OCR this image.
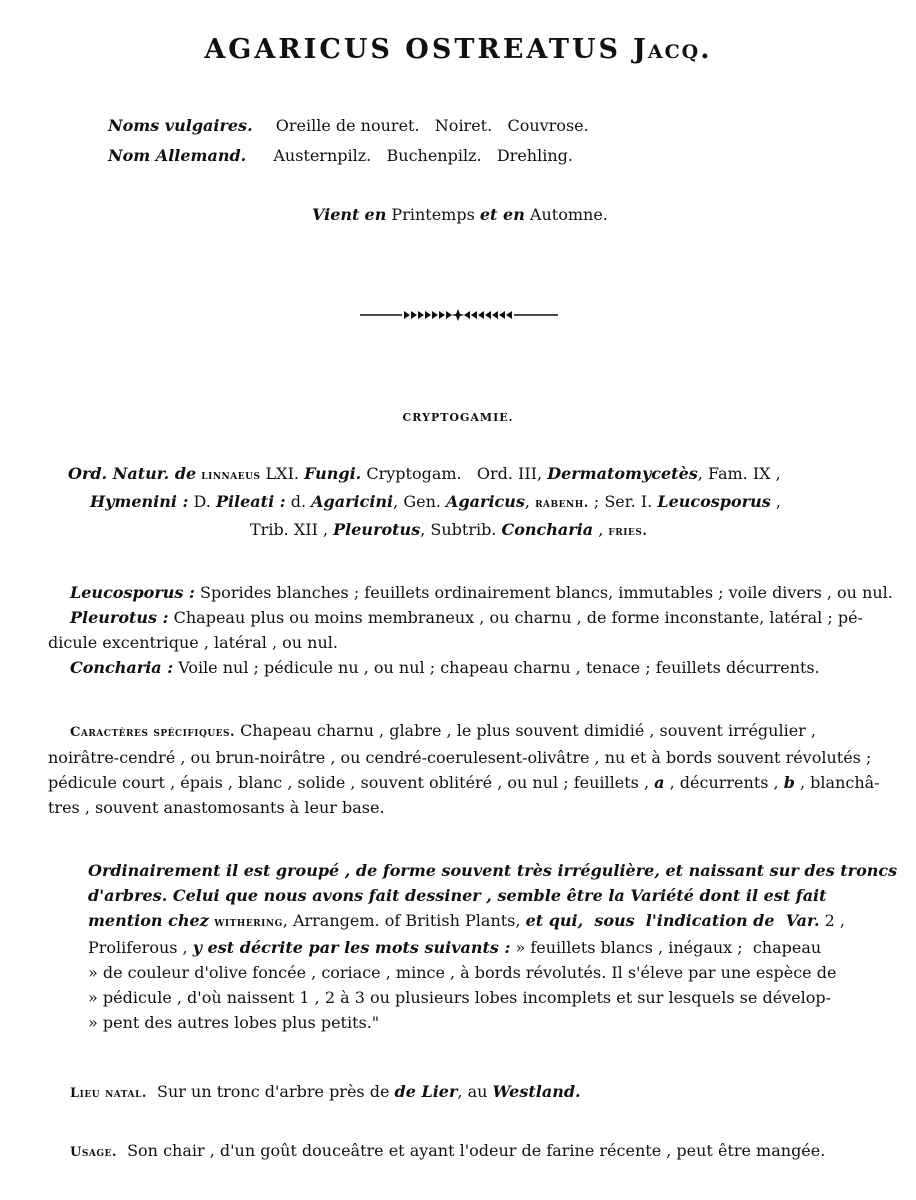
AGARICUS OSTREATUS Jacq.
Noms vulgaires. Oreille de nouret.   Noiret.   Couvrose.
Nom Allemand. Austernpilz.   Buchenpilz.   Drehling.
Vient en Printemps et en Automne.
CRYPTOGAMIE.
Ord. Natur. de linnaeus LXI. Fungi. Cryptogam.   Ord. III, Dermatomycetès, Fam. IX ,
Hymenini : D. Pileati : d. Agaricini, Gen. Agaricus, rabenh. ; Ser. I. Leucosporus ,
Trib. XII , Pleurotus, Subtrib. Concharia , fries.

Leucosporus : Sporides blanches ; feuillets ordinairement blancs, immutables ; voile divers , ou nul.

Pleurotus : Chapeau plus ou moins membraneux , ou charnu , de forme inconstante, latéral ; pé-

dicule excentrique , latéral , ou nul.

Concharia : Voile nul ; pédicule nu , ou nul ; chapeau charnu , tenace ; feuillets décurrents.

Caractères spécifiques. Chapeau charnu , glabre , le plus souvent dimidié , souvent irrégulier ,

noirâtre-cendré , ou brun-noirâtre , ou cendré-coerulesent-olivâtre , nu et à bords souvent révolutés ;

pédicule court , épais , blanc , solide , souvent oblitéré , ou nul ; feuillets , a , décurrents , b , blanchâ-

tres , souvent anastomosants à leur base.

Ordinairement il est groupé , de forme souvent très irrégulière, et naissant sur des troncs

d'arbres. Celui que nous avons fait dessiner , semble être la Variété dont il est fait

mention chez withering, Arrangem. of British Plants, et qui,  sous  l'indication de  Var. 2 ,

Proliferous , y est décrite par les mots suivants : » feuillets blancs , inégaux ;  chapeau

» de couleur d'olive foncée , coriace , mince , à bords révolutés. Il s'éleve par une espèce de

» pédicule , d'où naissent 1 , 2 à 3 ou plusieurs lobes incomplets et sur lesquels se dévelop-

» pent des autres lobes plus petits."

Lieu natal.  Sur un tronc d'arbre près de de Lier, au Westland.
Usage.  Son chair , d'un goût douceâtre et ayant l'odeur de farine récente , peut être mangée.
